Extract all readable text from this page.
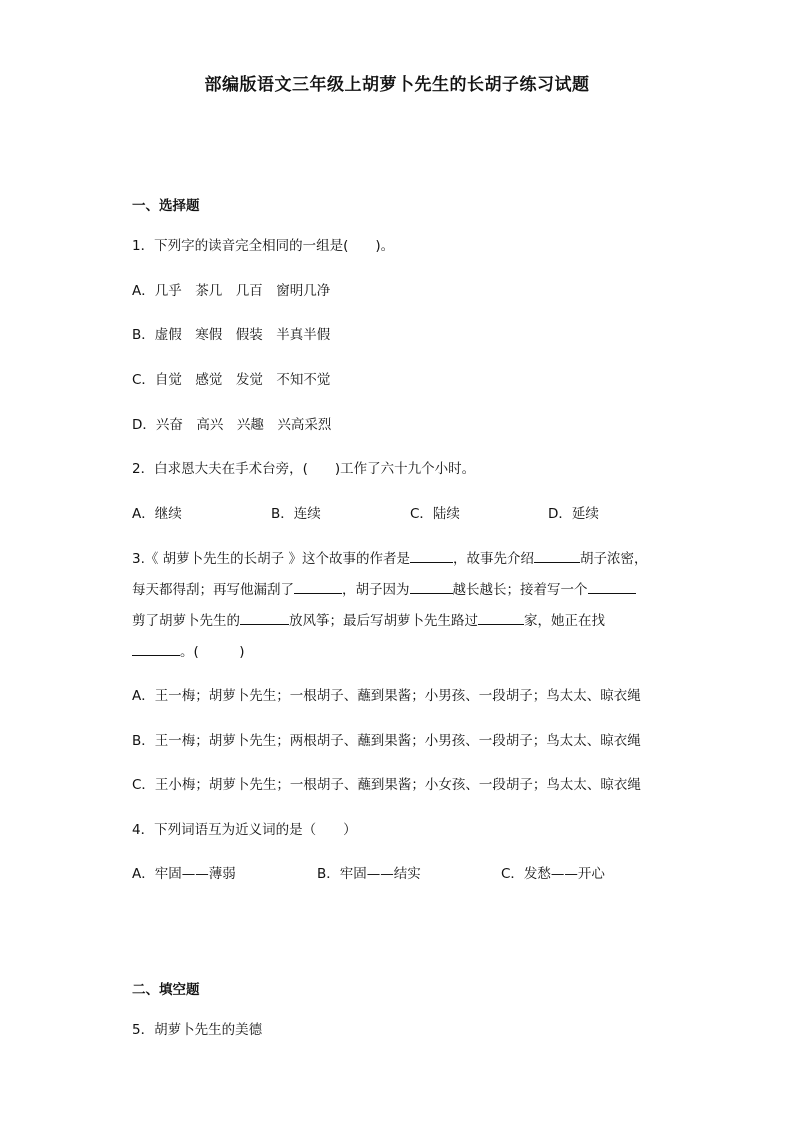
部编版语文三年级上胡萝卜先生的长胡子练习试题
一、选择题
1．下列字的读音完全相同的一组是(　　)。
A．几乎　茶几　几百　窗明几净
B．虚假　寒假　假装　半真半假
C．自觉　感觉　发觉　不知不觉
D．兴奋　高兴　兴趣　兴高采烈
2．白求恩大夫在手术台旁，(　　)工作了六十九个小时。
A．继续	B．连续	C．陆续	D．延续
3.《 胡萝卜先生的长胡子 》这个故事的作者是	，故事先介绍	胡子浓密，
每天都得刮；再写他漏刮了	，胡子因为	越长越长；接着写一个
剪了胡萝卜先生的	放风筝；最后写胡萝卜先生路过	家，她正在找
。(　　　)
A．王一梅；胡萝卜先生；一根胡子、蘸到果酱；小男孩、一段胡子；鸟太太、晾衣绳
B．王一梅；胡萝卜先生；两根胡子、蘸到果酱；小男孩、一段胡子；鸟太太、晾衣绳
C．王小梅；胡萝卜先生；一根胡子、蘸到果酱；小女孩、一段胡子；鸟太太、晾衣绳
4．下列词语互为近义词的是（　　）
A．牢固——薄弱	B．牢固——结实	C．发愁——开心
二、填空题
5．胡萝卜先生的美德
